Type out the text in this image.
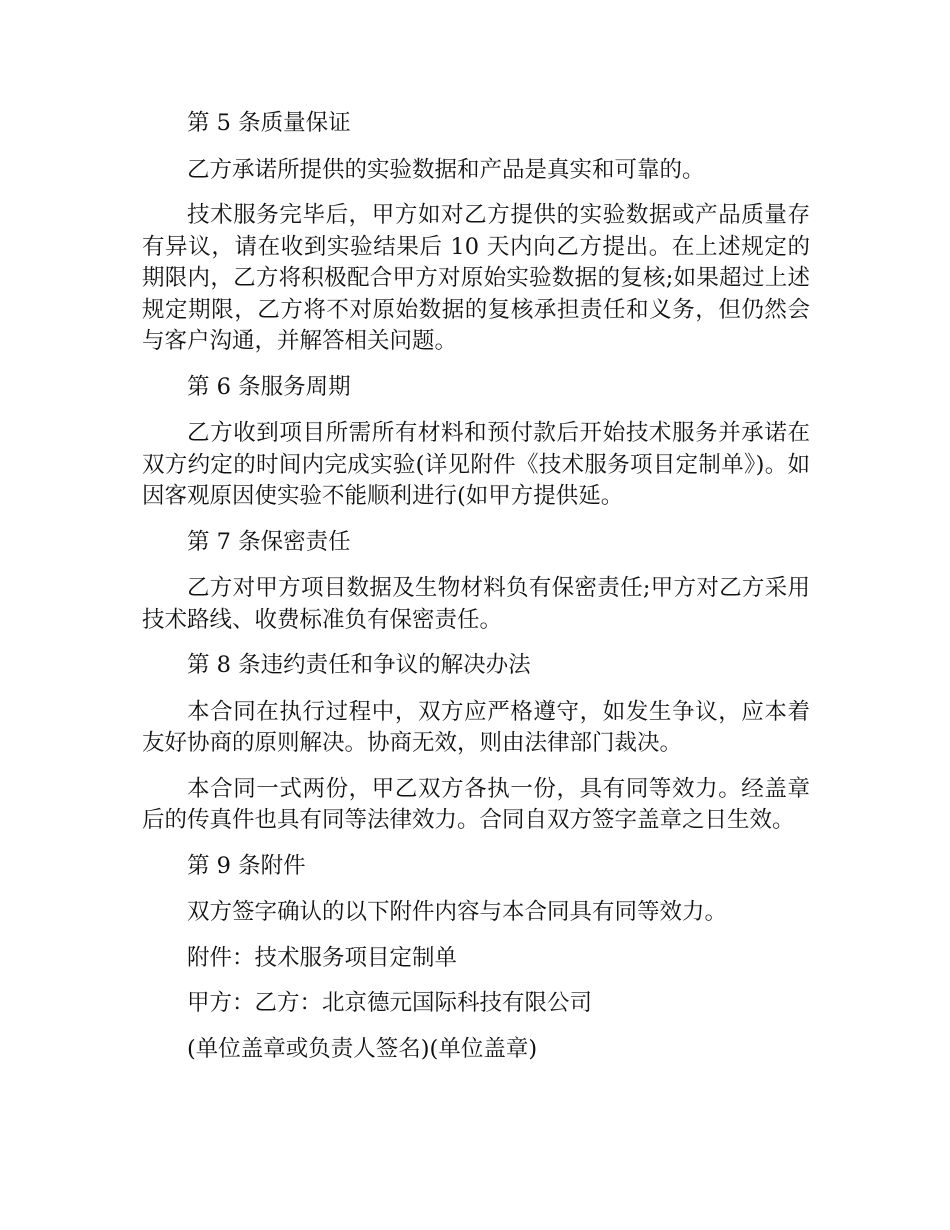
第 5 条质量保证

乙方承诺所提供的实验数据和产品是真实和可靠的。

技术服务完毕后，甲方如对乙方提供的实验数据或产品质量存有异议，请在收到实验结果后 10 天内向乙方提出。在上述规定的期限内，乙方将积极配合甲方对原始实验数据的复核;如果超过上述规定期限，乙方将不对原始数据的复核承担责任和义务，但仍然会与客户沟通，并解答相关问题。

第 6 条服务周期

乙方收到项目所需所有材料和预付款后开始技术服务并承诺在双方约定的时间内完成实验(详见附件《技术服务项目定制单》)。如因客观原因使实验不能顺利进行(如甲方提供延。

第 7 条保密责任

乙方对甲方项目数据及生物材料负有保密责任;甲方对乙方采用技术路线、收费标准负有保密责任。

第 8 条违约责任和争议的解决办法

本合同在执行过程中，双方应严格遵守，如发生争议，应本着友好协商的原则解决。协商无效，则由法律部门裁决。

本合同一式两份，甲乙双方各执一份，具有同等效力。经盖章后的传真件也具有同等法律效力。合同自双方签字盖章之日生效。

第 9 条附件

双方签字确认的以下附件内容与本合同具有同等效力。

附件：技术服务项目定制单

甲方：乙方：北京德元国际科技有限公司

(单位盖章或负责人签名)(单位盖章)
